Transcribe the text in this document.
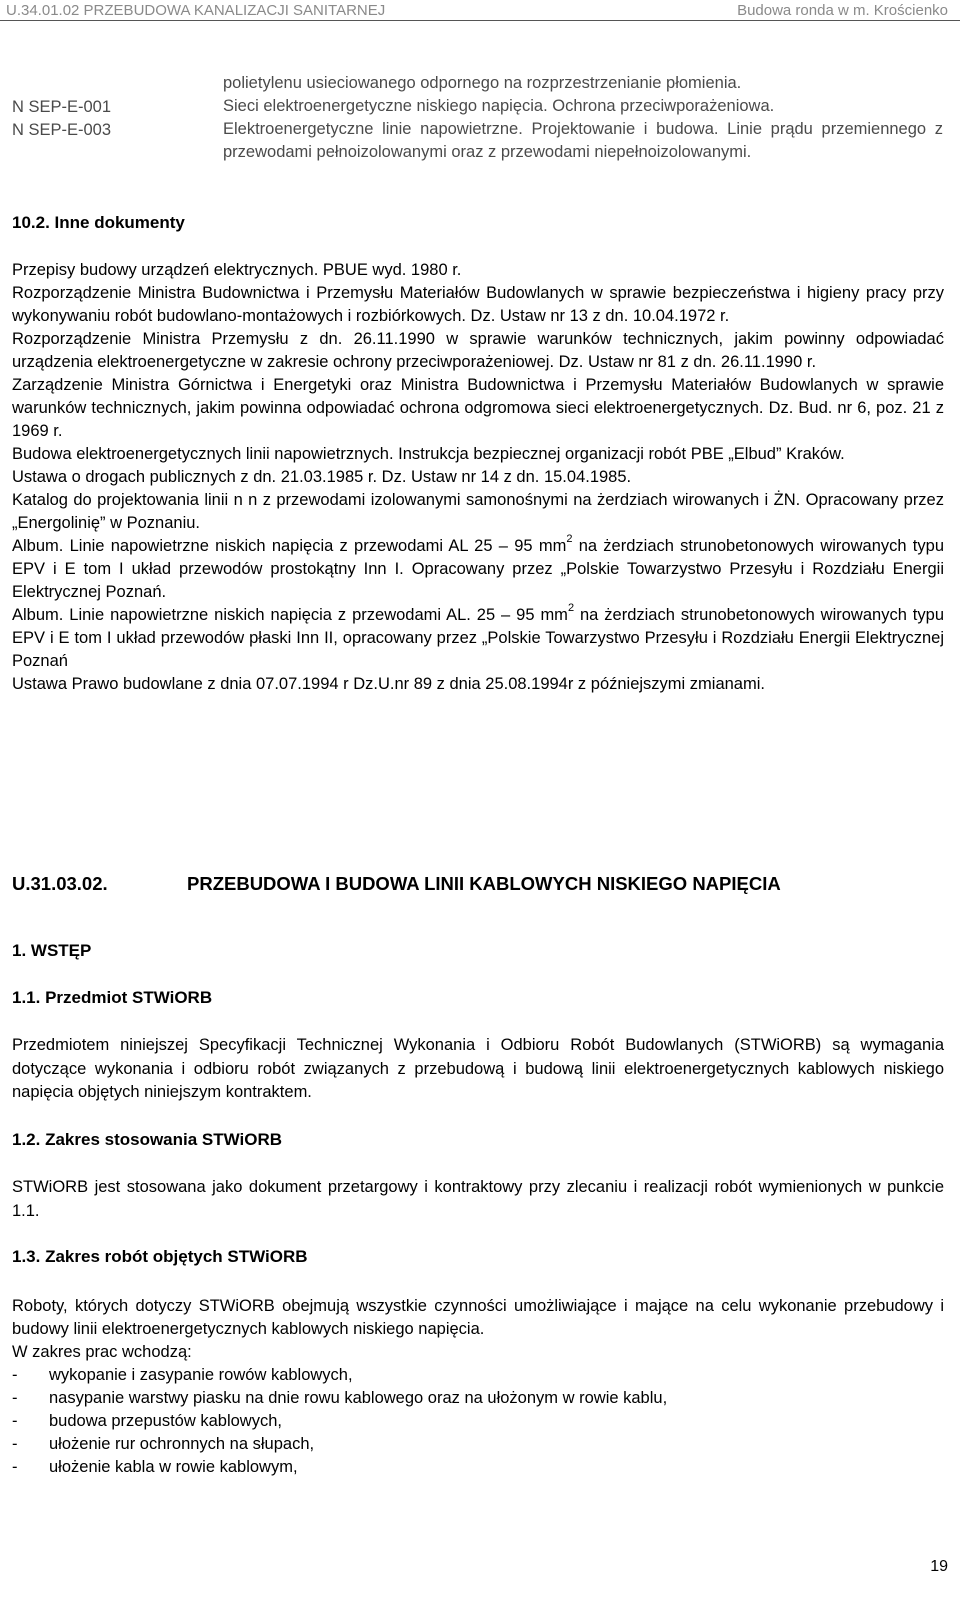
U.34.01.02 PRZEBUDOWA KANALIZACJI SANITARNEJ	Budowa ronda w m. Krościenko
N SEP-E-001
N SEP-E-003
polietylenu usieciowanego odpornego na rozprzestrzenianie płomienia.
Sieci elektroenergetyczne niskiego napięcia. Ochrona przeciwporażeniowa.
Elektroenergetyczne linie napowietrzne. Projektowanie i budowa. Linie prądu przemiennego z przewodami pełnoizolowanymi oraz z przewodami niepełnoizolowanymi.
10.2. Inne dokumenty

Przepisy budowy urządzeń elektrycznych. PBUE wyd. 1980 r.

Rozporządzenie Ministra Budownictwa i Przemysłu Materiałów Budowlanych w sprawie bezpieczeństwa i higieny pracy przy wykonywaniu robót budowlano-montażowych i rozbiórkowych. Dz. Ustaw nr 13 z dn. 10.04.1972 r.

Rozporządzenie Ministra Przemysłu z dn. 26.11.1990 w sprawie warunków technicznych, jakim powinny odpowiadać urządzenia elektroenergetyczne w zakresie ochrony przeciwporażeniowej. Dz. Ustaw nr 81 z dn. 26.11.1990 r.

Zarządzenie Ministra Górnictwa i Energetyki oraz Ministra Budownictwa i Przemysłu Materiałów Budowlanych w sprawie warunków technicznych, jakim powinna odpowiadać ochrona odgromowa sieci elektroenergetycznych. Dz. Bud. nr 6, poz. 21 z 1969 r.

Budowa elektroenergetycznych linii napowietrznych. Instrukcja bezpiecznej organizacji robót PBE „Elbud” Kraków.

Ustawa o drogach publicznych z dn. 21.03.1985 r. Dz. Ustaw nr 14 z dn. 15.04.1985.

Katalog do projektowania linii n n z przewodami izolowanymi samonośnymi na żerdziach wirowanych i ŻN. Opracowany przez „Energolinię” w Poznaniu.

Album. Linie napowietrzne niskich napięcia z przewodami AL 25 – 95 $mm^2$ na żerdziach strunobetonowych wirowanych typu EPV i E tom I układ przewodów prostokątny Inn I. Opracowany przez „Polskie Towarzystwo Przesyłu i Rozdziału Energii Elektrycznej Poznań.

Album. Linie napowietrzne niskich napięcia z przewodami AL. 25 – 95 $mm^2$ na żerdziach strunobetonowych wirowanych typu EPV i E tom I układ przewodów płaski Inn II, opracowany przez „Polskie Towarzystwo Przesyłu i Rozdziału Energii Elektrycznej Poznań

Ustawa Prawo budowlane z dnia 07.07.1994 r Dz.U.nr 89 z dnia 25.08.1994r z późniejszymi zmianami.

U.31.03.02.	PRZEBUDOWA I BUDOWA LINII KABLOWYCH NISKIEGO NAPIĘCIA
1. WSTĘP
1.1. Przedmiot STWiORB

Przedmiotem niniejszej Specyfikacji Technicznej Wykonania i Odbioru Robót Budowlanych (STWiORB) są wymagania dotyczące wykonania i odbioru robót związanych z przebudową i budową linii elektroenergetycznych kablowych niskiego napięcia objętych niniejszym kontraktem.

1.2. Zakres stosowania STWiORB

STWiORB jest stosowana jako dokument przetargowy i kontraktowy przy zlecaniu i realizacji robót wymienionych w punkcie 1.1.

1.3. Zakres robót objętych STWiORB

Roboty, których dotyczy STWiORB obejmują wszystkie czynności umożliwiające i mające na celu wykonanie przebudowy i budowy linii elektroenergetycznych kablowych niskiego napięcia.

W zakres prac wchodzą:

- wykopanie i zasypanie rowów kablowych,
- nasypanie warstwy piasku na dnie rowu kablowego oraz na ułożonym w rowie kablu,
- budowa przepustów kablowych,
- ułożenie rur ochronnych na słupach,
- ułożenie kabla w rowie kablowym,
19
